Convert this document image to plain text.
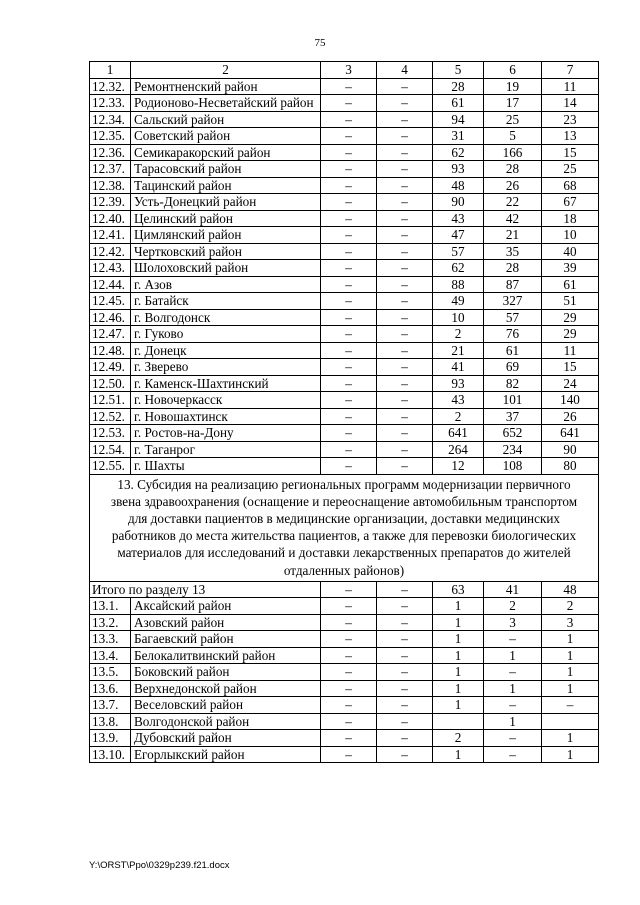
75
1	2	3	4	5	6	7
12.32.	Ремонтненский район	–	–	28	19	11
12.33.	Родионово-Несветайский район	–	–	61	17	14
12.34.	Сальский район	–	–	94	25	23
12.35.	Советский район	–	–	31	5	13
12.36.	Семикаракорский район	–	–	62	166	15
12.37.	Тарасовский район	–	–	93	28	25
12.38.	Тацинский район	–	–	48	26	68
12.39.	Усть-Донецкий район	–	–	90	22	67
12.40.	Целинский район	–	–	43	42	18
12.41.	Цимлянский район	–	–	47	21	10
12.42.	Чертковский район	–	–	57	35	40
12.43.	Шолоховский район	–	–	62	28	39
12.44.	г. Азов	–	–	88	87	61
12.45.	г. Батайск	–	–	49	327	51
12.46.	г. Волгодонск	–	–	10	57	29
12.47.	г. Гуково	–	–	2	76	29
12.48.	г. Донецк	–	–	21	61	11
12.49.	г. Зверево	–	–	41	69	15
12.50.	г. Каменск-Шахтинский	–	–	93	82	24
12.51.	г. Новочеркасск	–	–	43	101	140
12.52.	г. Новошахтинск	–	–	2	37	26
12.53.	г. Ростов-на-Дону	–	–	641	652	641
12.54.	г. Таганрог	–	–	264	234	90
12.55.	г. Шахты	–	–	12	108	80
13. Субсидия на реализацию региональных программ модернизации первичного звена здравоохранения (оснащение и переоснащение автомобильным транспортом для доставки пациентов в медицинские организации, доставки медицинских работников до места жительства пациентов, а также для перевозки биологических материалов для исследований и доставки лекарственных препаратов до жителей отдаленных районов)						
Итого по разделу 13		–	–	63	41	48
13.1.	Аксайский район	–	–	1	2	2
13.2.	Азовский район	–	–	1	3	3
13.3.	Багаевский район	–	–	1	–	1
13.4.	Белокалитвинский район	–	–	1	1	1
13.5.	Боковский район	–	–	1	–	1
13.6.	Верхнедонской район	–	–	1	1	1
13.7.	Веселовский район	–	–	1	–	–
13.8.	Волгодонской район	–	–		1	
13.9.	Дубовский район	–	–	2	–	1
13.10.	Егорлыкский район	–	–	1	–	1
Y:\ORST\Ppo\0329p239.f21.docx
